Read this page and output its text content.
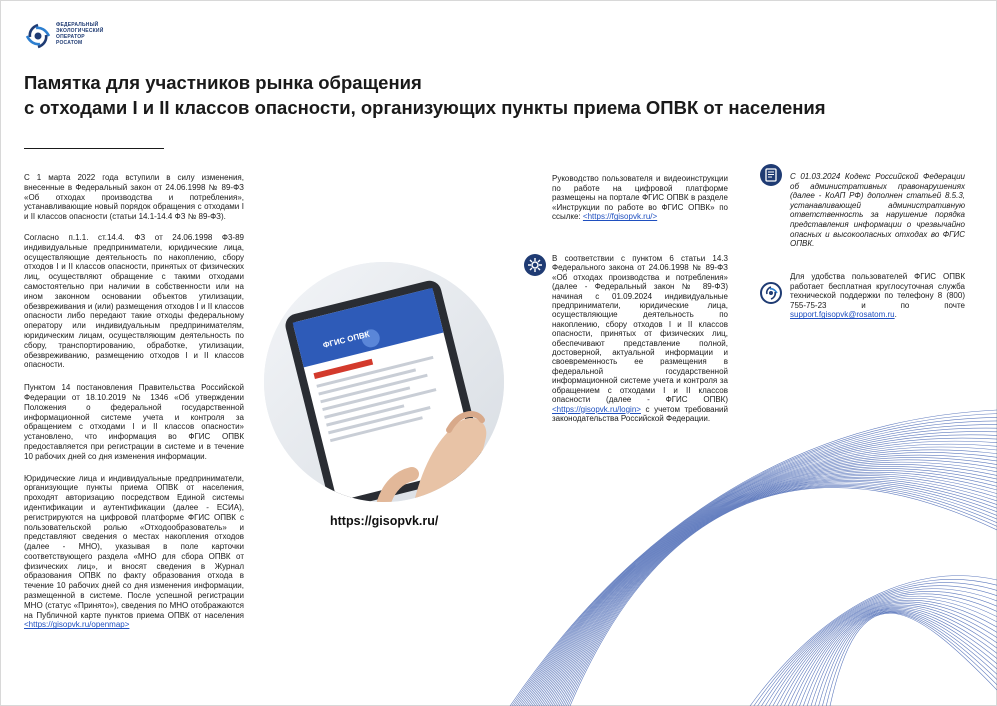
ФЕДЕРАЛЬНЫЙ
ЭКОЛОГИЧЕСКИЙ
ОПЕРАТОР
РОСАТОМ
Памятка для участников рынка обращения
с отходами I и II классов опасности, организующих пункты приема ОПВК от населения

С 1 марта 2022 года вступили в силу изменения, внесенные в Федеральный закон от 24.06.1998 № 89-ФЗ «Об отходах производства и потребления», устанавливающие новый порядок обращения с отходами I и II классов опасности (статьи 14.1-14.4 ФЗ № 89-ФЗ).

Согласно п.1.1. ст.14.4. ФЗ от 24.06.1998 Ф3-89 индивидуальные предприниматели, юридические лица, осуществляющие деятельность по накоплению, сбору отходов I и II классов опасности, принятых от физических лиц, осуществляют обращение с такими отходами самостоятельно при наличии в собственности или на ином законном основании объектов утилизации, обезвреживания и (или) размещения отходов I и II классов опасности либо передают такие отходы федеральному оператору или индивидуальным предпринимателям, юридическим лицам, осуществляющим деятельность по сбору, транспортированию, обработке, утилизации, обезвреживанию, размещению отходов I и II классов опасности.

Пунктом 14 постановления Правительства Российской Федерации от 18.10.2019 № 1346 «Об утверждении Положения о федеральной государственной информационной системе учета и контроля за обращением с отходами I и II классов опасности» установлено, что информация во ФГИС ОПВК предоставляется при регистрации в системе и в течение 10 рабочих дней со дня изменения информации.

Юридические лица и индивидуальные предприниматели, организующие пункты приема ОПВК от населения, проходят авторизацию посредством Единой системы идентификации и аутентификации (далее - ЕСИА), регистрируются на цифровой платформе ФГИС ОПВК с пользовательской ролью «Отходообразователь» и представляют сведения о местах накопления отходов (далее - МНО), указывая в поле карточки соответствующего раздела «МНО для сбора ОПВК от физических лиц», и вносят сведения в Журнал образования ОПВК по факту образования отхода в течение 10 рабочих дней со дня изменения информации, размещенной в системе. После успешной регистрации МНО (статус «Принято»), сведения по МНО отображаются на Публичной карте пунктов приема ОПВК от населения <https://gisopvk.ru/openmap>

ФГИС ОПВК
https://gisopvk.ru/
Руководство пользователя и видеоинструкции по работе на цифровой платформе размещены на портале ФГИС ОПВК в разделе «Инструкции по работе во ФГИС ОПВК» по ссылке: <https://fgisopvk.ru/>
В соответствии с пунктом 6 статьи 14.3 Федерального закона от 24.06.1998 № 89-ФЗ «Об отходах производства и потребления» (далее - Федеральный закон № 89-ФЗ) начиная с 01.09.2024 индивидуальные предприниматели, юридические лица, осуществляющие деятельность по накоплению, сбору отходов I и II классов опасности, принятых от физических лиц, обеспечивают представление полной, достоверной, актуальной информации и своевременность ее размещения в федеральной государственной информационной системе учета и контроля за обращением с отходами I и II классов опасности (далее - ФГИС ОПВК) <https://gisopvk.ru/login> с учетом требований законодательства Российской Федерации.
С 01.03.2024 Кодекс Российской Федерации об административных правонарушениях (далее - КоАП РФ) дополнен статьей 8.5.3, устанавливающей административную ответственность за нарушение порядка представления информации о чрезвычайно опасных и высокоопасных отходах во ФГИС ОПВК.
Для удобства пользователей ФГИС ОПВК работает бесплатная круглосуточная служба технической поддержки по телефону 8 (800) 755-75-23 и по почте support.fgisopvk@rosatom.ru.
